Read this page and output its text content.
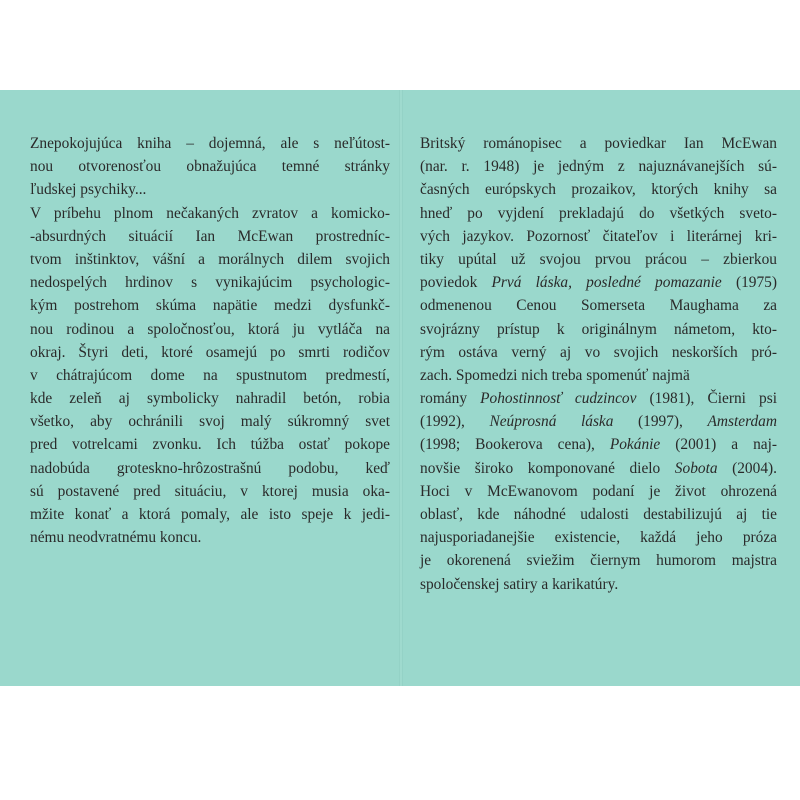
Znepokojujúca kniha – dojemná, ale s neľútost-
nou otvorenosťou obnažujúca temné stránky
ľudskej psychiky...
V príbehu plnom nečakaných zvratov a komicko-
-absurdných situácií Ian McEwan prostredníc-
tvom inštinktov, vášní a morálnych dilem svojich
nedospelých hrdinov s vynikajúcim psychologic-
kým postrehom skúma napätie medzi dysfunkč-
nou rodinou a spoločnosťou, ktorá ju vytláča na
okraj. Štyri deti, ktoré osamejú po smrti rodičov
v chátrajúcom dome na spustnutom predmestí,
kde zeleň aj symbolicky nahradil betón, robia
všetko, aby ochránili svoj malý súkromný svet
pred votrelcami zvonku. Ich túžba ostať pokope
nadobúda groteskno-hrôzostrašnú podobu, keď
sú postavené pred situáciu, v ktorej musia oka-
mžite konať a ktorá pomaly, ale isto speje k jedi-
nému neodvratnému koncu.
Britský románopisec a poviedkar Ian McEwan
(nar. r. 1948) je jedným z najuznávanejších sú-
časných európskych prozaikov, ktorých knihy sa
hneď po vyjdení prekladajú do všetkých sveto-
vých jazykov. Pozornosť čitateľov i literárnej kri-
tiky upútal už svojou prvou prácou – zbierkou
poviedok Prvá láska, posledné pomazanie (1975)
odmenenou Cenou Somerseta Maughama za
svojrázny prístup k originálnym námetom, kto-
rým ostáva verný aj vo svojich neskorších pró-
zach. Spomedzi nich treba spomenúť najmä
romány Pohostinnosť cudzincov (1981), Čierni psi
(1992), Neúprosná láska (1997), Amsterdam
(1998; Bookerova cena), Pokánie (2001) a naj-
novšie široko komponované dielo Sobota (2004).
Hoci v McEwanovom podaní je život ohrozená
oblasť, kde náhodné udalosti destabilizujú aj tie
najusporiadanejšie existencie, každá jeho próza
je okorenená sviežim čiernym humorom majstra
spoločenskej satiry a karikatúry.
